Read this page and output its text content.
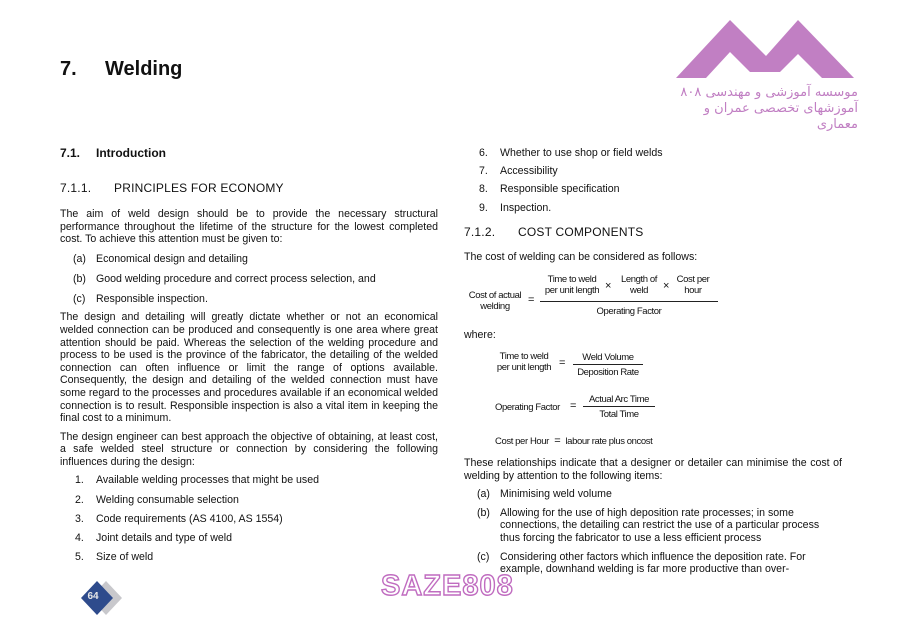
7. Welding
موسسه آموزشی و مهندسی ۸۰۸
آموزشهای تخصصی عمران و معماری
7.1. Introduction
7.1.1. PRINCIPLES FOR ECONOMY

The aim of weld design should be to provide the necessary structural performance throughout the lifetime of the structure for the lowest completed cost. To achieve this attention must be given to:

(a) Economical design and detailing
(b) Good welding procedure and correct process selection, and
(c) Responsible inspection.

The design and detailing will greatly dictate whether or not an economical welded connection can be produced and consequently is one area where great attention should be paid. Whereas the selection of the welding procedure and process to be used is the province of the fabricator, the detailing of the welded connection can often influence or limit the range of options available. Consequently, the design and detailing of the welded connection must have some regard to the processes and procedures available if an economical welded connection is to result. Responsible inspection is also a vital item in keeping the final cost to a minimum.

The design engineer can best approach the objective of obtaining, at least cost, a safe welded steel structure or connection by considering the following influences during the design:

1. Available welding processes that might be used
2. Welding consumable selection
3. Code requirements (AS 4100, AS 1554)
4. Joint details and type of weld
5. Size of weld
6. Whether to use shop or field welds
7. Accessibility
8. Responsible specification
9. Inspection.
7.1.2. COST COMPONENTS

The cost of welding can be considered as follows:

Cost of actual
welding
=
Time to weld
per unit length ×
Length of
weld	×
Cost per
hour
Operating Factor

where:

Time to weld
per unit length =	Weld Volume
Deposition Rate
Operating Factor =
Actual Arc Time
Total Time
Cost per Hour = labour rate plus oncost

These relationships indicate that a designer or detailer can minimise the cost of welding by attention to the following items:

(a) Minimising weld volume
(b) Allowing for the use of high deposition rate processes; in some connections, the detailing can restrict the use of a particular process thus forcing the fabricator to use a less efficient process
(c) Considering other factors which influence the deposition rate. For example, downhand welding is far more productive than over-
SAZE808
64
